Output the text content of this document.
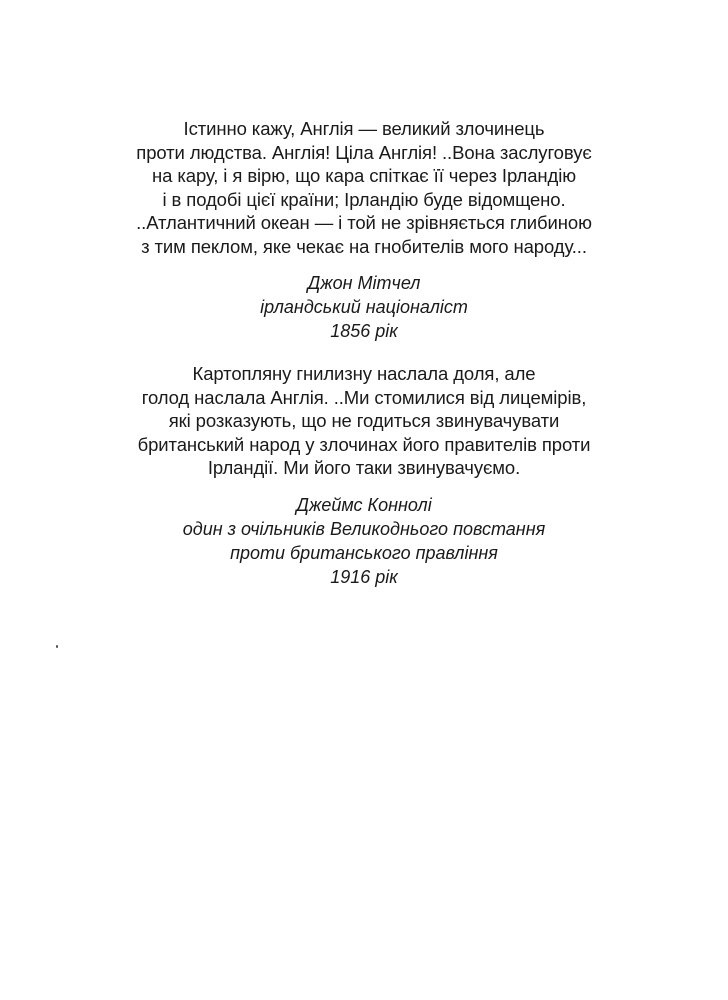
Істинно кажу, Англія — великий злочинець
проти людства. Англія! Ціла Англія! ..Вона заслуговує
на кару, і я вірю, що кара спіткає її через Ірландію
і в подобі цієї країни; Ірландію буде відомщено.
..Атлантичний океан — і той не зрівняється глибиною
з тим пеклом, яке чекає на гнобителів мого народу...
Джон Мітчел
ірландський націоналіст
1856 рік
Картопляну гнилизну наслала доля, але
голод наслала Англія. ..Ми стомилися від лицемірів,
які розказують, що не годиться звинувачувати
британський народ у злочинах його правителів проти
Ірландії. Ми його таки звинувачуємо.
Джеймс Коннолі
один з очільників Великоднього повстання
проти британського правління
1916 рік
